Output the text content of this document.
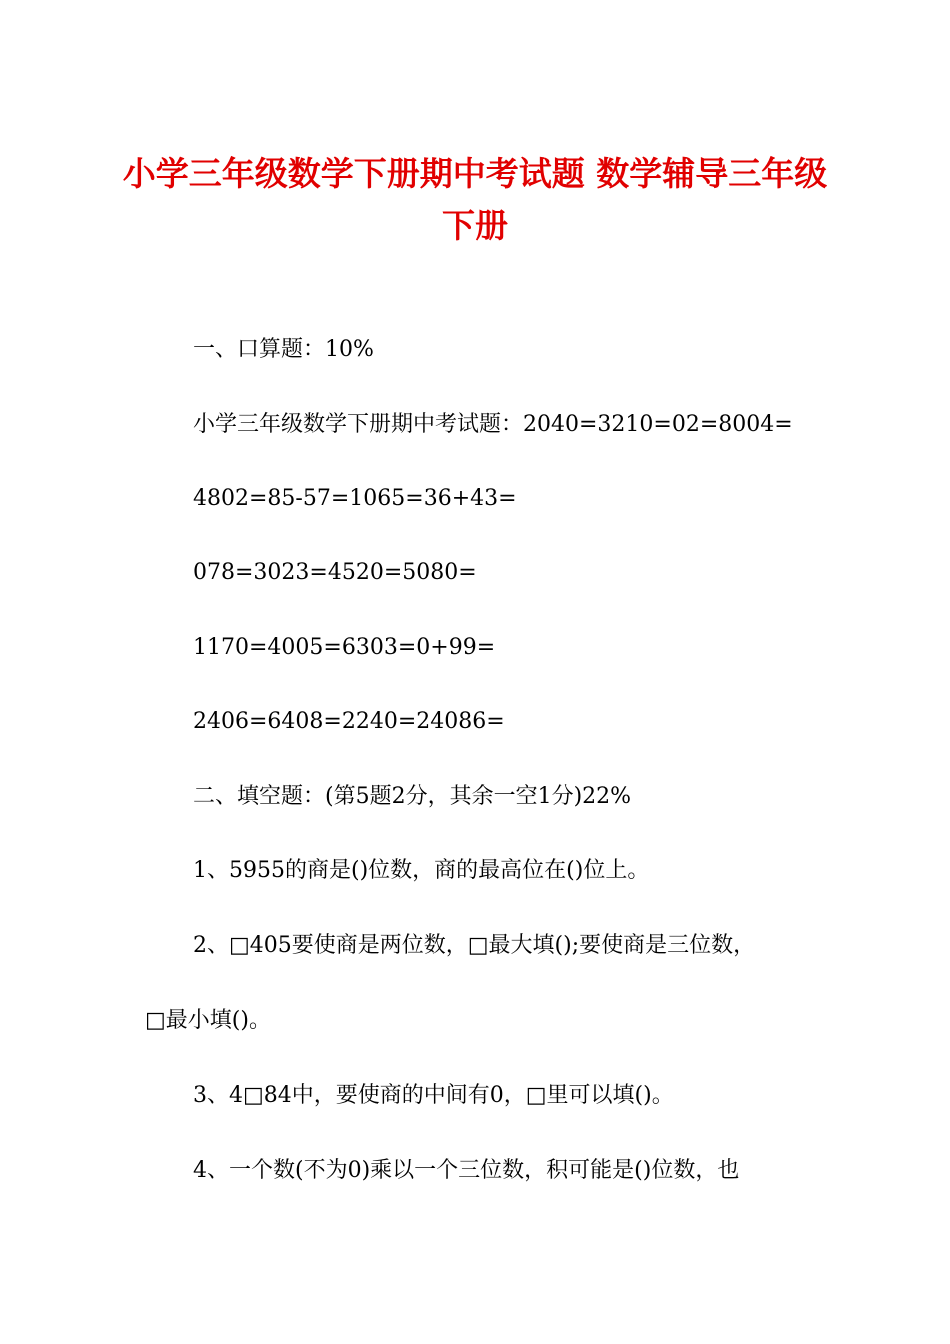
小学三年级数学下册期中考试题 数学辅导三年级下册
一、口算题：10%
小学三年级数学下册期中考试题：2040=3210=02=8004=
4802=85-57=1065=36+43=
078=3023=4520=5080=
1170=4005=6303=0+99=
2406=6408=2240=24086=
二、填空题：(第5题2分，其余一空1分)22%
1、5955的商是()位数，商的最高位在()位上。
2、□405要使商是两位数，□最大填();要使商是三位数，
□最小填()。
3、4□84中，要使商的中间有0，□里可以填()。
4、一个数(不为0)乘以一个三位数，积可能是()位数，也
